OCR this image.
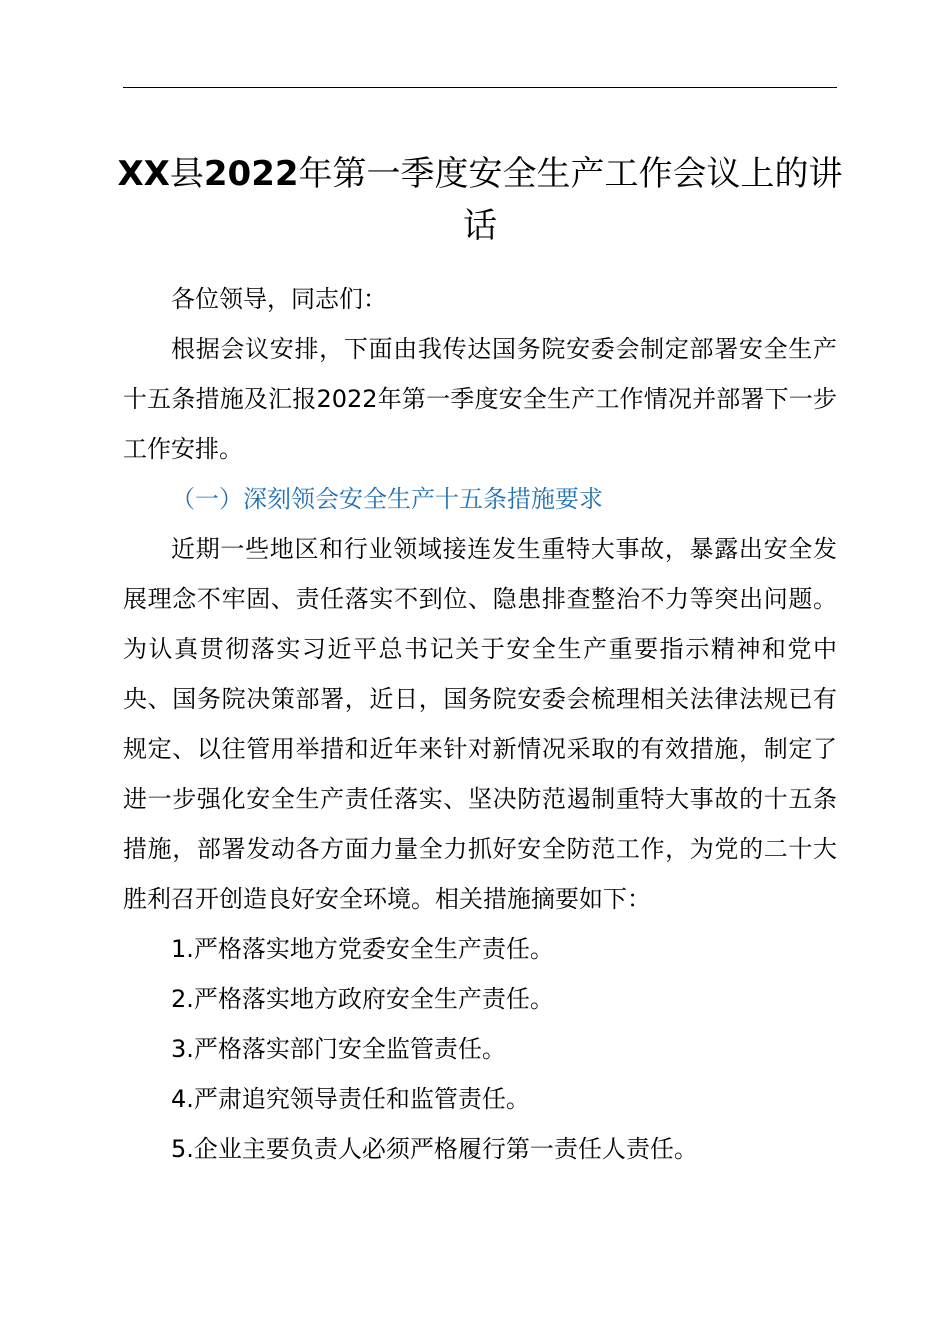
XX县2022年第一季度安全生产工作会议上的讲话

各位领导，同志们：

根据会议安排，下面由我传达国务院安委会制定部署安全生产十五条措施及汇报2022年第一季度安全生产工作情况并部署下一步工作安排。

（一）深刻领会安全生产十五条措施要求

近期一些地区和行业领域接连发生重特大事故，暴露出安全发展理念不牢固、责任落实不到位、隐患排查整治不力等突出问题。为认真贯彻落实习近平总书记关于安全生产重要指示精神和党中央、国务院决策部署，近日，国务院安委会梳理相关法律法规已有规定、以往管用举措和近年来针对新情况采取的有效措施，制定了进一步强化安全生产责任落实、坚决防范遏制重特大事故的十五条措施，部署发动各方面力量全力抓好安全防范工作，为党的二十大胜利召开创造良好安全环境。相关措施摘要如下：

1.严格落实地方党委安全生产责任。

2.严格落实地方政府安全生产责任。

3.严格落实部门安全监管责任。

4.严肃追究领导责任和监管责任。

5.企业主要负责人必须严格履行第一责任人责任。
